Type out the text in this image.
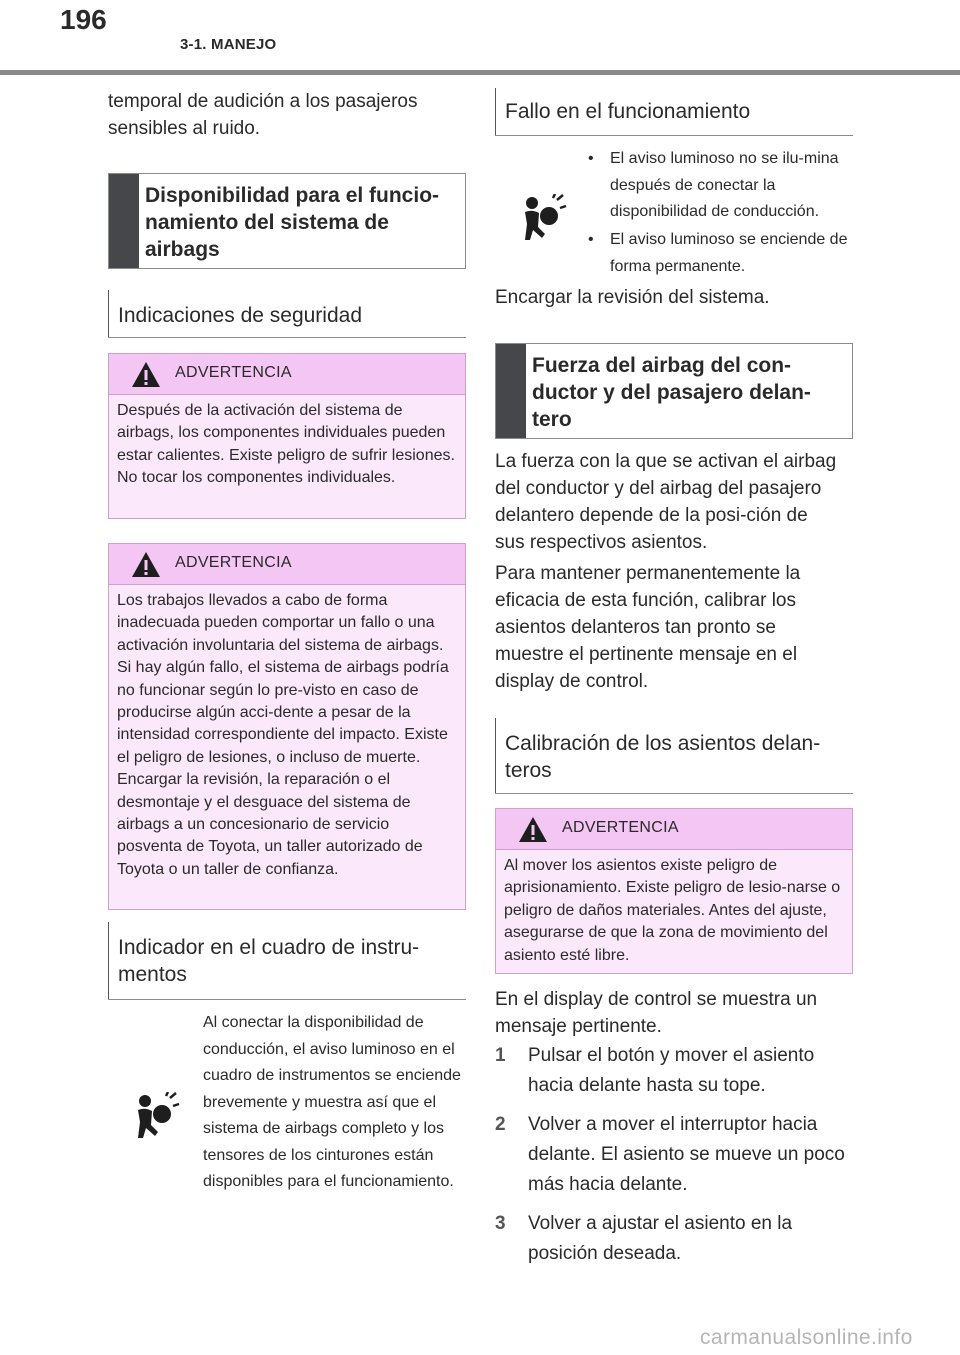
196
3-1. MANEJO
temporal de audición a los pasajeros sensibles al ruido.
Disponibilidad para el funcio-namiento del sistema de airbags
Indicaciones de seguridad
ADVERTENCIA
Después de la activación del sistema de airbags, los componentes individuales pueden estar calientes. Existe peligro de sufrir lesiones. No tocar los componentes individuales.
ADVERTENCIA
Los trabajos llevados a cabo de forma inadecuada pueden comportar un fallo o una activación involuntaria del sistema de airbags. Si hay algún fallo, el sistema de airbags podría no funcionar según lo pre-visto en caso de producirse algún acci-dente a pesar de la intensidad correspondiente del impacto. Existe el peligro de lesiones, o incluso de muerte. Encargar la revisión, la reparación o el desmontaje y el desguace del sistema de airbags a un concesionario de servicio posventa de Toyota, un taller autorizado de Toyota o un taller de confianza.
Indicador en el cuadro de instru-mentos
Al conectar la disponibilidad de conducción, el aviso luminoso en el cuadro de instrumentos se enciende brevemente y muestra así que el sistema de airbags completo y los tensores de los cinturones están disponibles para el funcionamiento.
Fallo en el funcionamiento
•	El aviso luminoso no se ilu-mina después de conectar la disponibilidad de conducción.
•	El aviso luminoso se enciende de forma permanente.
Encargar la revisión del sistema.
Fuerza del airbag del con-ductor y del pasajero delan-tero
La fuerza con la que se activan el airbag del conductor y del airbag del pasajero delantero depende de la posi-ción de sus respectivos asientos.
Para mantener permanentemente la eficacia de esta función, calibrar los asientos delanteros tan pronto se muestre el pertinente mensaje en el display de control.
Calibración de los asientos delan-teros
ADVERTENCIA
Al mover los asientos existe peligro de aprisionamiento. Existe peligro de lesio-narse o peligro de daños materiales. Antes del ajuste, asegurarse de que la zona de movimiento del asiento esté libre.
En el display de control se muestra un mensaje pertinente.
1 Pulsar el botón y mover el asiento hacia delante hasta su tope.
2 Volver a mover el interruptor hacia delante. El asiento se mueve un poco más hacia delante.
3 Volver a ajustar el asiento en la posición deseada.
carmanualsonline.info
